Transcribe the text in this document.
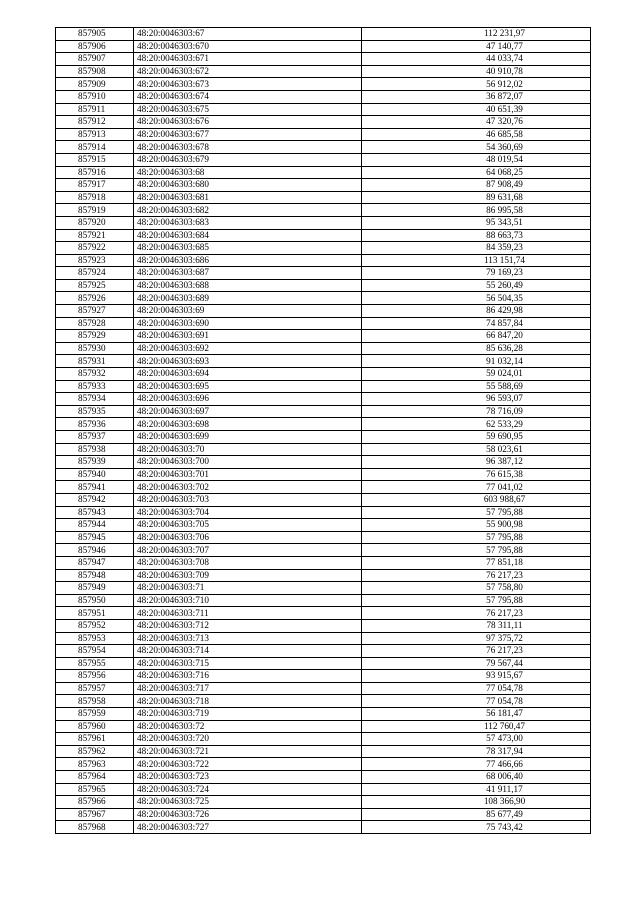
857905	48:20:0046303:67	112 231,97
857906	48:20:0046303:670	47 140,77
857907	48:20:0046303:671	44 033,74
857908	48:20:0046303:672	40 910,78
857909	48:20:0046303:673	56 912,02
857910	48:20:0046303:674	36 872,07
857911	48:20:0046303:675	40 651,39
857912	48:20:0046303:676	47 320,76
857913	48:20:0046303:677	46 685,58
857914	48:20:0046303:678	54 360,69
857915	48:20:0046303:679	48 019,54
857916	48:20:0046303:68	64 068,25
857917	48:20:0046303:680	87 908,49
857918	48:20:0046303:681	89 631,68
857919	48:20:0046303:682	86 995,58
857920	48:20:0046303:683	95 343,51
857921	48:20:0046303:684	88 663,73
857922	48:20:0046303:685	84 359,23
857923	48:20:0046303:686	113 151,74
857924	48:20:0046303:687	79 169,23
857925	48:20:0046303:688	55 260,49
857926	48:20:0046303:689	56 504,35
857927	48:20:0046303:69	86 429,98
857928	48:20:0046303:690	74 857,84
857929	48:20:0046303:691	66 847,20
857930	48:20:0046303:692	85 636,28
857931	48:20:0046303:693	91 032,14
857932	48:20:0046303:694	59 024,01
857933	48:20:0046303:695	55 588,69
857934	48:20:0046303:696	96 593,07
857935	48:20:0046303:697	78 716,09
857936	48:20:0046303:698	62 533,29
857937	48:20:0046303:699	59 690,95
857938	48:20:0046303:70	58 023,61
857939	48:20:0046303:700	96 387,12
857940	48:20:0046303:701	76 615,38
857941	48:20:0046303:702	77 041,02
857942	48:20:0046303:703	603 988,67
857943	48:20:0046303:704	57 795,88
857944	48:20:0046303:705	55 900,98
857945	48:20:0046303:706	57 795,88
857946	48:20:0046303:707	57 795,88
857947	48:20:0046303:708	77 851,18
857948	48:20:0046303:709	76 217,23
857949	48:20:0046303:71	57 758,80
857950	48:20:0046303:710	57 795,88
857951	48:20:0046303:711	76 217,23
857952	48:20:0046303:712	78 311,11
857953	48:20:0046303:713	97 375,72
857954	48:20:0046303:714	76 217,23
857955	48:20:0046303:715	79 567,44
857956	48:20:0046303:716	93 915,67
857957	48:20:0046303:717	77 054,78
857958	48:20:0046303:718	77 054,78
857959	48:20:0046303:719	56 181,47
857960	48:20:0046303:72	112 760,47
857961	48:20:0046303:720	57 473,00
857962	48:20:0046303:721	78 317,94
857963	48:20:0046303:722	77 466,66
857964	48:20:0046303:723	68 006,40
857965	48:20:0046303:724	41 911,17
857966	48:20:0046303:725	108 366,90
857967	48:20:0046303:726	85 677,49
857968	48:20:0046303:727	75 743,42
